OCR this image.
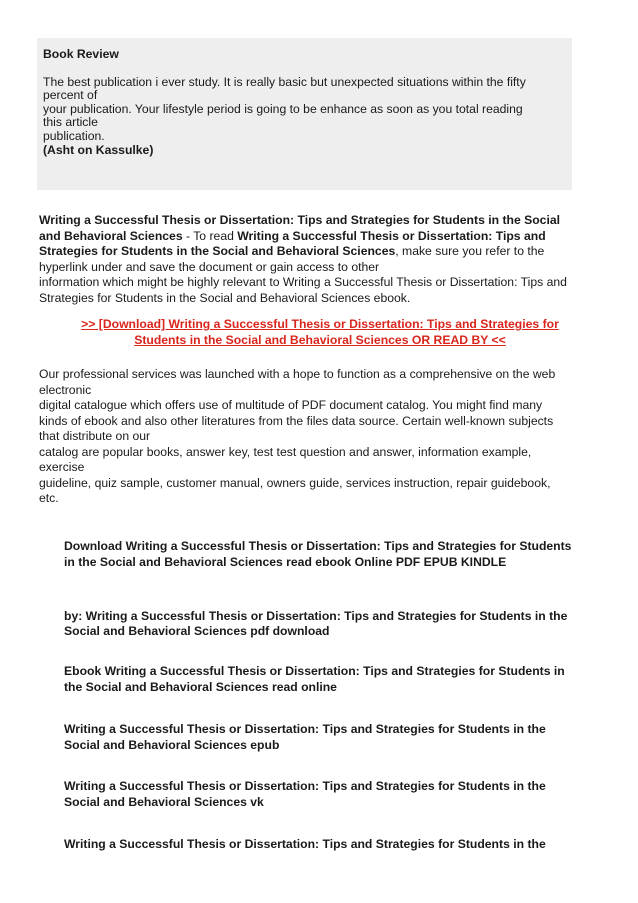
Book Review

The best publication i ever study. It is really basic but unexpected situations within the fifty

percent of

your publication. Your lifestyle period is going to be enhance as soon as you total reading

this article

publication.

(Asht on Kassulke)

Writing a Successful Thesis or Dissertation: Tips and Strategies for Students in the Social

and Behavioral Sciences - To read Writing a Successful Thesis or Dissertation: Tips and

Strategies for Students in the Social and Behavioral Sciences, make sure you refer to the

hyperlink under and save the document or gain access to other

information which might be highly relevant to Writing a Successful Thesis or Dissertation: Tips and

Strategies for Students in the Social and Behavioral Sciences ebook.

>> [Download] Writing a Successful Thesis or Dissertation: Tips and Strategies for
Students in the Social and Behavioral Sciences OR READ BY <<

Our professional services was launched with a hope to function as a comprehensive on the web

electronic

digital catalogue which offers use of multitude of PDF document catalog. You might find many

kinds of ebook and also other literatures from the files data source. Certain well-known subjects

that distribute on our

catalog are popular books, answer key, test test question and answer, information example,

exercise

guideline, quiz sample, customer manual, owners guide, services instruction, repair guidebook,

etc.

Download Writing a Successful Thesis or Dissertation: Tips and Strategies for Students

in the Social and Behavioral Sciences read ebook Online PDF EPUB KINDLE

by: Writing a Successful Thesis or Dissertation: Tips and Strategies for Students in the

Social and Behavioral Sciences pdf download

Ebook Writing a Successful Thesis or Dissertation: Tips and Strategies for Students in

the Social and Behavioral Sciences read online

Writing a Successful Thesis or Dissertation: Tips and Strategies for Students in the

Social and Behavioral Sciences epub

Writing a Successful Thesis or Dissertation: Tips and Strategies for Students in the

Social and Behavioral Sciences vk

Writing a Successful Thesis or Dissertation: Tips and Strategies for Students in the
